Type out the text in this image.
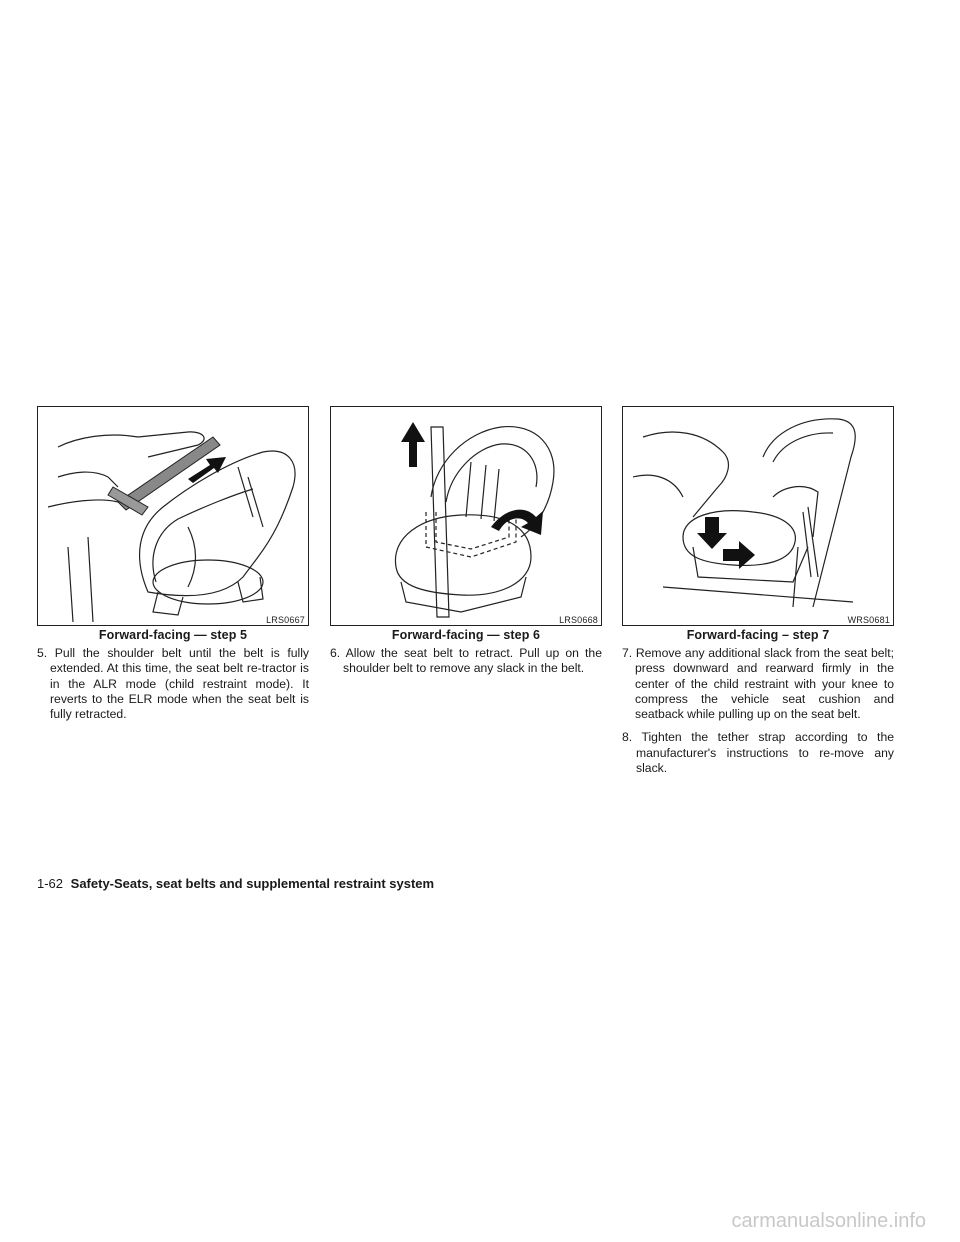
LRS0667
Forward-facing — step 5

5. Pull the shoulder belt until the belt is fully extended. At this time, the seat belt re-tractor is in the ALR mode (child restraint mode). It reverts to the ELR mode when the seat belt is fully retracted.

LRS0668
Forward-facing — step 6

6. Allow the seat belt to retract. Pull up on the shoulder belt to remove any slack in the belt.

WRS0681
Forward-facing – step 7

7. Remove any additional slack from the seat belt; press downward and rearward firmly in the center of the child restraint with your knee to compress the vehicle seat cushion and seatback while pulling up on the seat belt.

8. Tighten the tether strap according to the manufacturer's instructions to re-move any slack.

1-62 Safety-Seats, seat belts and supplemental restraint system
carmanualsonline.info
